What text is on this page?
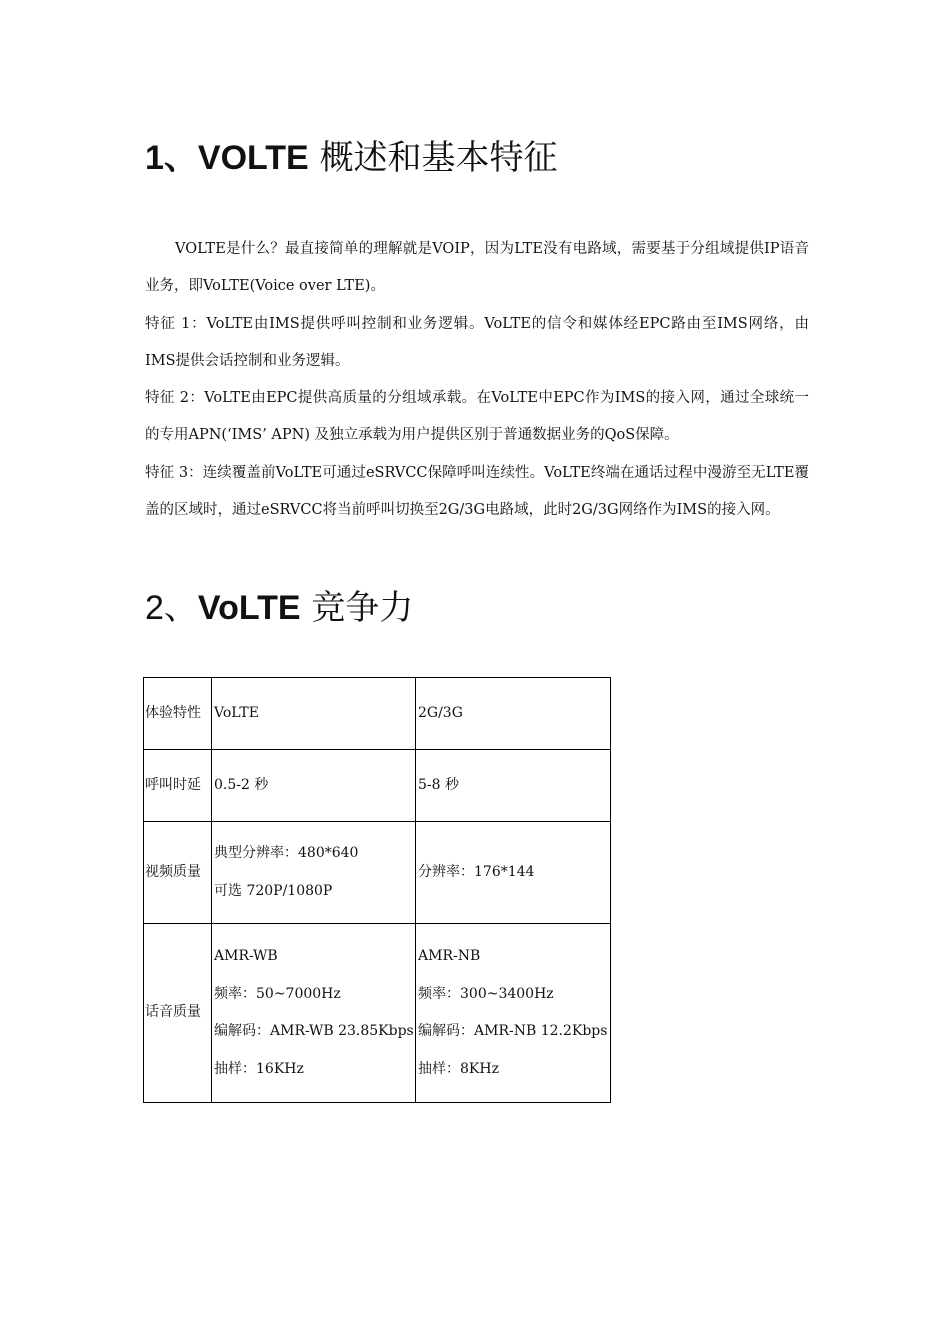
1、VOLTE 概述和基本特征

VOLTE是什么？最直接简单的理解就是VOIP，因为LTE没有电路域，需要基于分组域提供IP语音业务，即VoLTE(Voice over LTE)。

特征 1：VoLTE由IMS提供呼叫控制和业务逻辑。VoLTE的信令和媒体经EPC路由至IMS网络，由IMS提供会话控制和业务逻辑。

特征 2：VoLTE由EPC提供高质量的分组域承载。在VoLTE中EPC作为IMS的接入网，通过全球统一的专用APN(‘IMS’ APN) 及独立承载为用户提供区别于普通数据业务的QoS保障。

特征 3：连续覆盖前VoLTE可通过eSRVCC保障呼叫连续性。VoLTE终端在通话过程中漫游至无LTE覆盖的区域时，通过eSRVCC将当前呼叫切换至2G/3G电路域，此时2G/3G网络作为IMS的接入网。

2、VoLTE 竞争力
体验特性	VoLTE	2G/3G

呼叫时延	0.5-2 秒	5-8 秒

视频质量	典型分辨率：480*640
可选 720P/1080P	分辨率：176*144

话音质量	AMR-WB
频率：50~7000Hz
编解码：AMR-WB 23.85Kbps
抽样：16KHz	AMR-NB
频率：300~3400Hz
编解码：AMR-NB 12.2Kbps
抽样：8KHz
